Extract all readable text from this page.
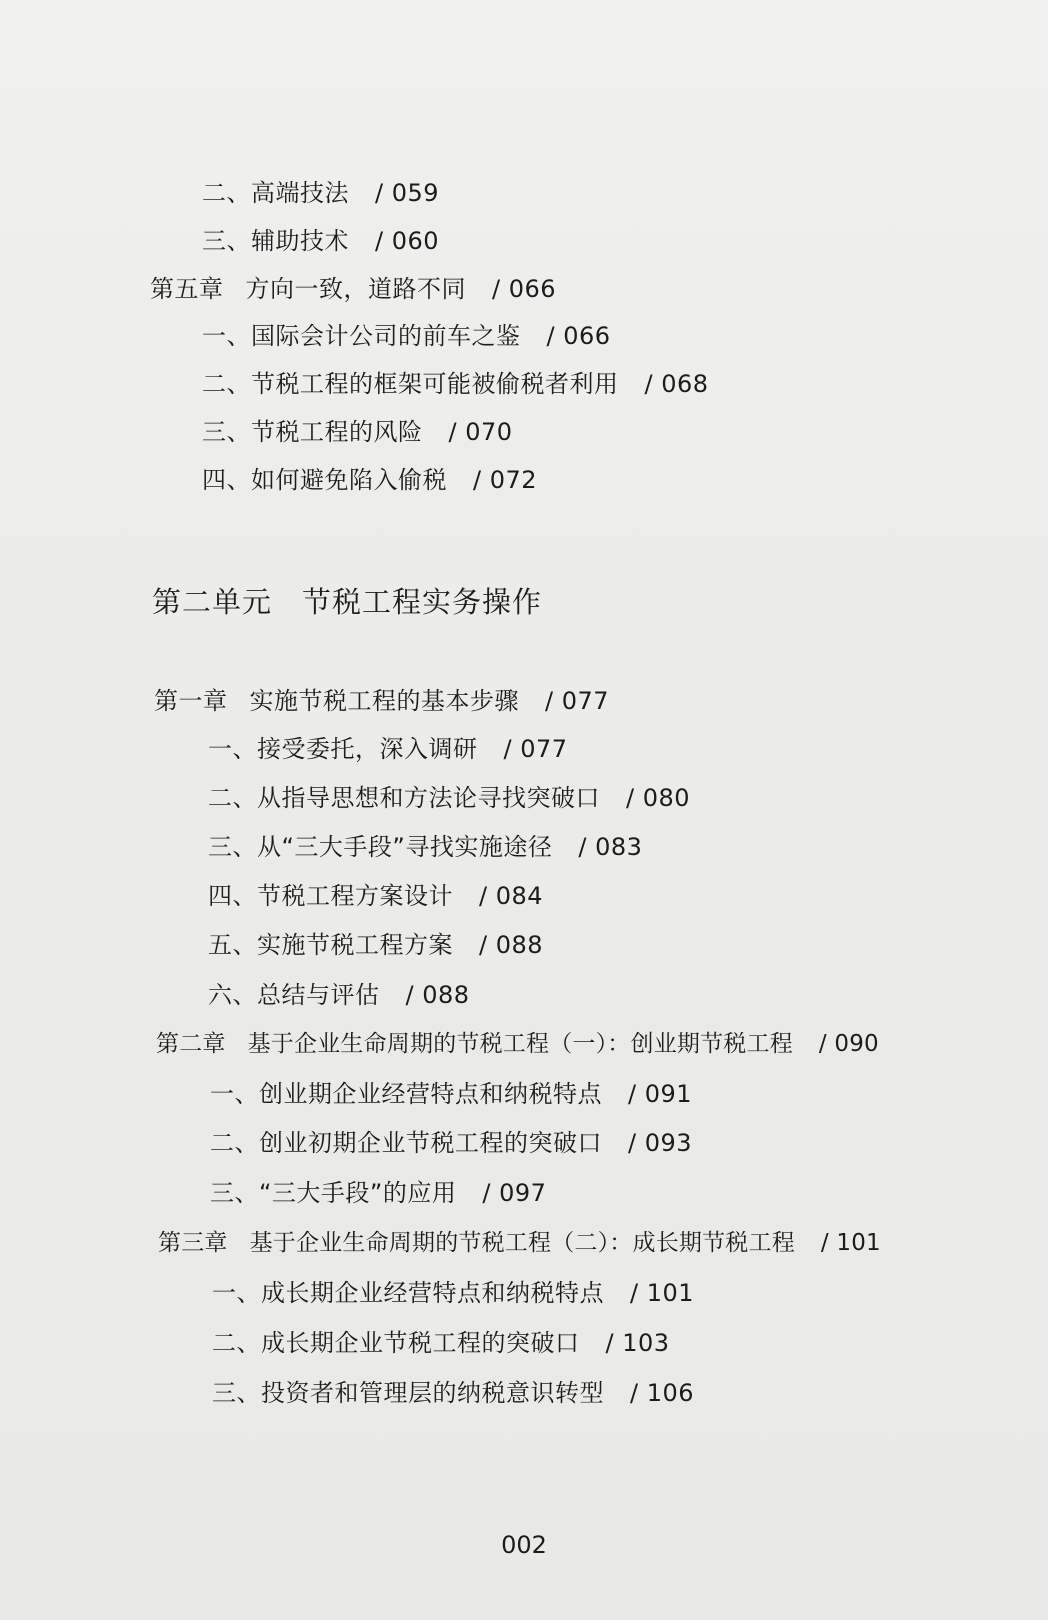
二、高端技法 / 059
三、辅助技术 / 060
第五章 方向一致，道路不同 / 066
一、国际会计公司的前车之鉴 / 066
二、节税工程的框架可能被偷税者利用 / 068
三、节税工程的风险 / 070
四、如何避免陷入偷税 / 072
第二单元 节税工程实务操作
第一章 实施节税工程的基本步骤 / 077
一、接受委托，深入调研 / 077
二、从指导思想和方法论寻找突破口 / 080
三、从“三大手段”寻找实施途径 / 083
四、节税工程方案设计 / 084
五、实施节税工程方案 / 088
六、总结与评估 / 088
第二章 基于企业生命周期的节税工程（一）：创业期节税工程 / 090
一、创业期企业经营特点和纳税特点 / 091
二、创业初期企业节税工程的突破口 / 093
三、“三大手段”的应用 / 097
第三章 基于企业生命周期的节税工程（二）：成长期节税工程 / 101
一、成长期企业经营特点和纳税特点 / 101
二、成长期企业节税工程的突破口 / 103
三、投资者和管理层的纳税意识转型 / 106
002
